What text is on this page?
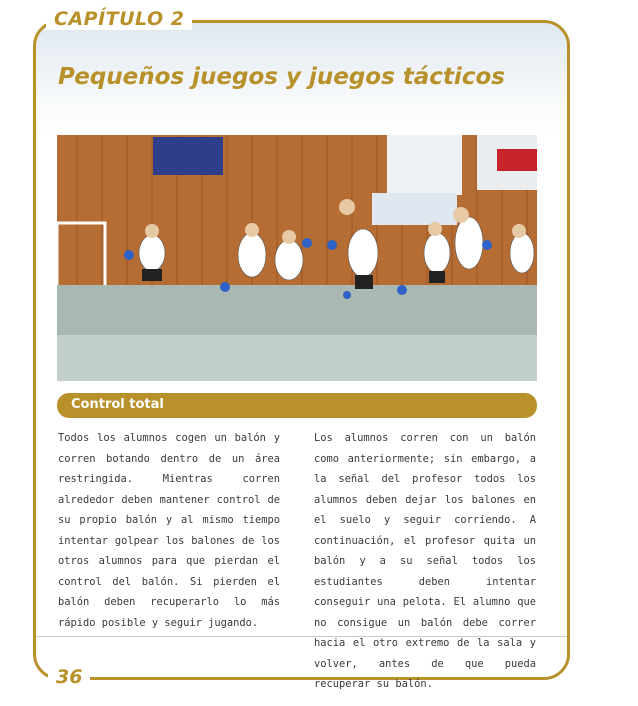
CAPÍTULO 2
Pequeños juegos y juegos tácticos
Control total

Todos los alumnos cogen un balón y corren botando dentro de un área restringida. Mientras corren alrededor deben mantener control de su propio balón y al mismo tiempo intentar golpear los balones de los otros alumnos para que pierdan el control del balón. Si pierden el balón deben recuperarlo lo más rápido posible y seguir jugando.

Los alumnos corren con un balón como anteriormente; sin embargo, a la señal del profesor todos los alumnos deben dejar los balones en el suelo y seguir corriendo. A continuación, el profesor quita un balón y a su señal todos los estudiantes deben intentar conseguir una pelota. El alumno que no consigue un balón debe correr hacia el otro extremo de la sala y volver, antes de que pueda recuperar su balón.

36
